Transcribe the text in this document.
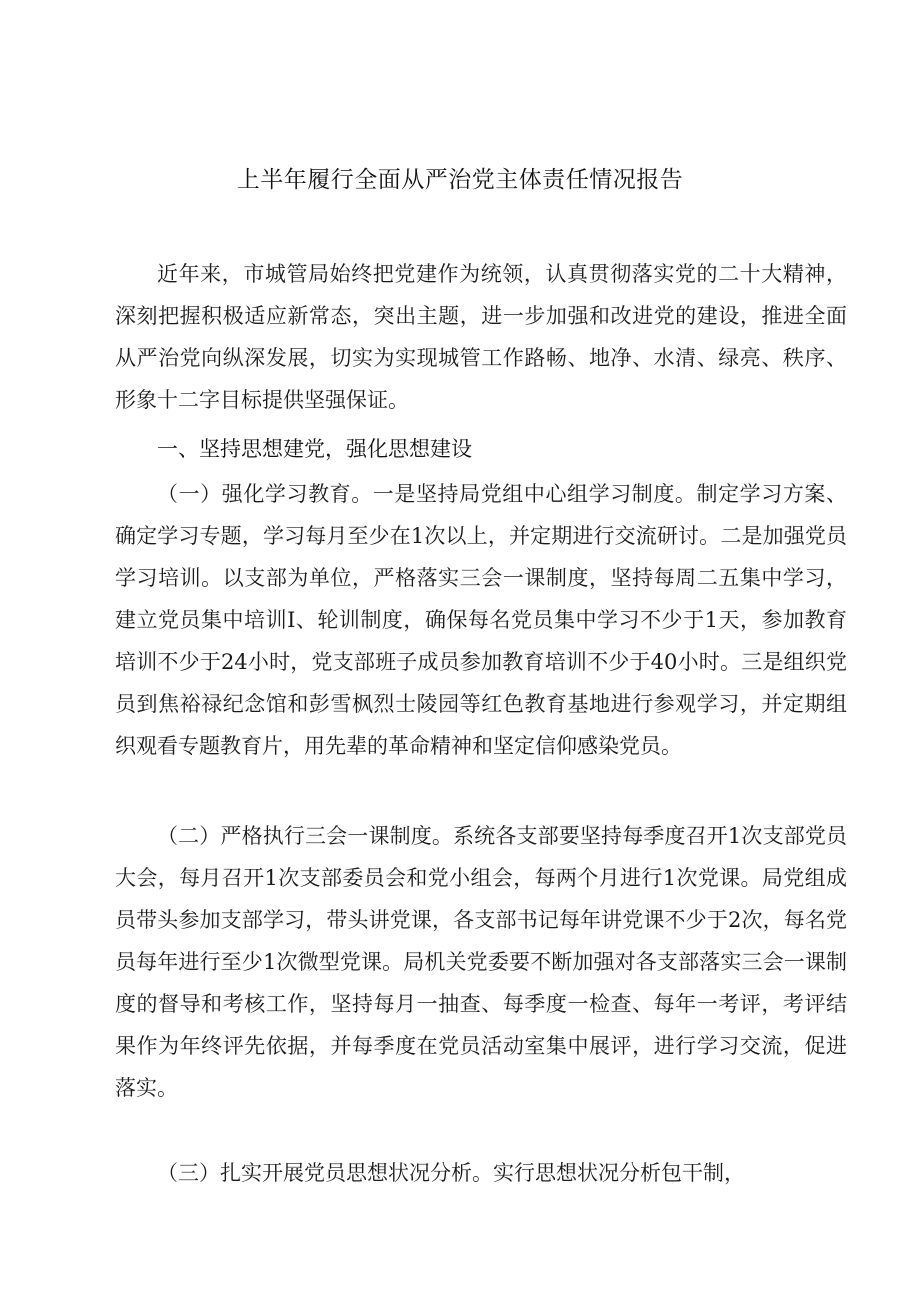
上半年履行全面从严治党主体责任情况报告

近年来，市城管局始终把党建作为统领，认真贯彻落实党的二十大精神，深刻把握积极适应新常态，突出主题，进一步加强和改进党的建设，推进全面从严治党向纵深发展，切实为实现城管工作路畅、地净、水清、绿亮、秩序、形象十二字目标提供坚强保证。

一、坚持思想建党，强化思想建设

（一）强化学习教育。一是坚持局党组中心组学习制度。制定学习方案、确定学习专题，学习每月至少在1次以上，并定期进行交流研讨。二是加强党员学习培训。以支部为单位，严格落实三会一课制度，坚持每周二五集中学习，建立党员集中培训I、轮训制度，确保每名党员集中学习不少于1天，参加教育培训不少于24小时，党支部班子成员参加教育培训不少于40小时。三是组织党员到焦裕禄纪念馆和彭雪枫烈士陵园等红色教育基地进行参观学习，并定期组织观看专题教育片，用先辈的革命精神和坚定信仰感染党员。

（二）严格执行三会一课制度。系统各支部要坚持每季度召开1次支部党员大会，每月召开1次支部委员会和党小组会，每两个月进行1次党课。局党组成员带头参加支部学习，带头讲党课，各支部书记每年讲党课不少于2次，每名党员每年进行至少1次微型党课。局机关党委要不断加强对各支部落实三会一课制度的督导和考核工作，坚持每月一抽查、每季度一检查、每年一考评，考评结果作为年终评先依据，并每季度在党员活动室集中展评，进行学习交流，促进落实。

（三）扎实开展党员思想状况分析。实行思想状况分析包干制，
